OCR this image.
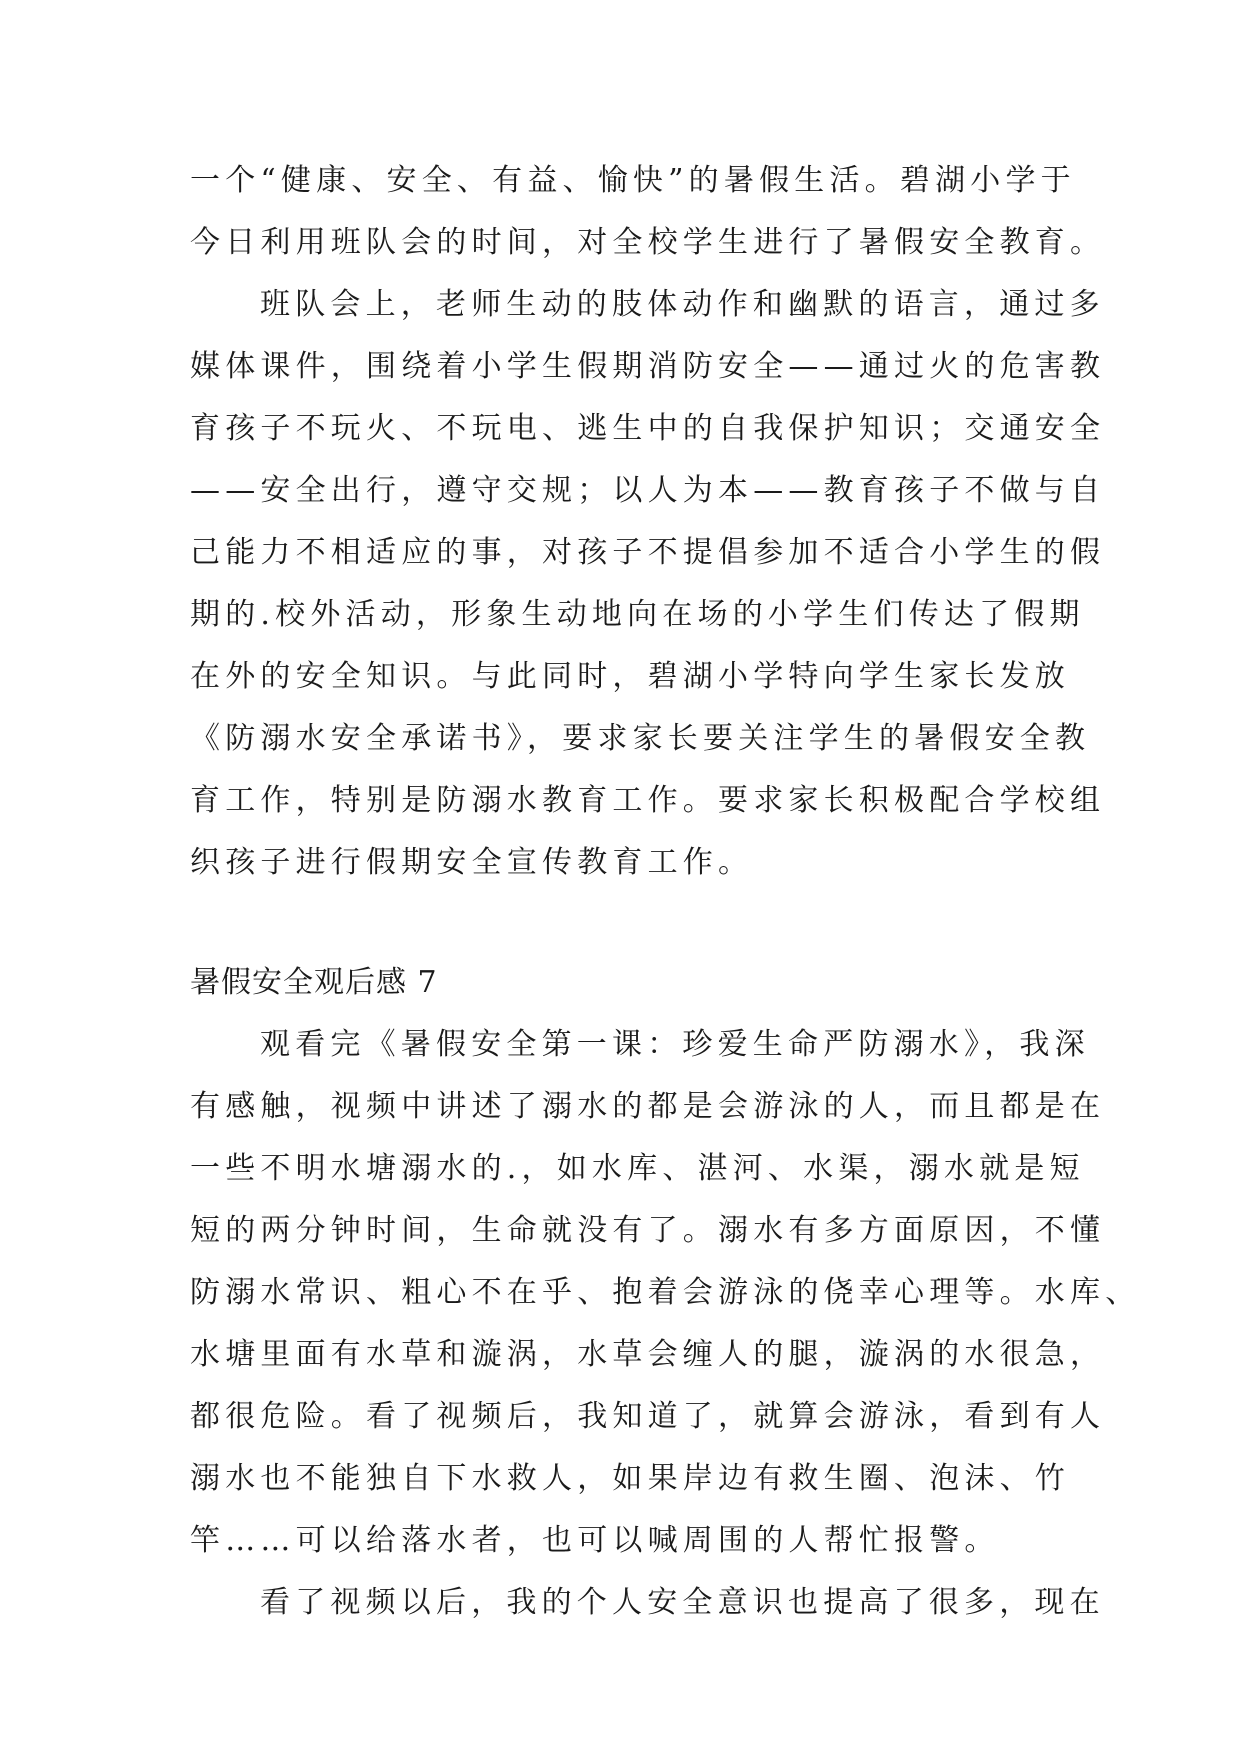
一个“健康、安全、有益、愉快”的暑假生活。碧湖小学于
今日利用班队会的时间，对全校学生进行了暑假安全教育。
班队会上，老师生动的肢体动作和幽默的语言，通过多
媒体课件，围绕着小学生假期消防安全——通过火的危害教
育孩子不玩火、不玩电、逃生中的自我保护知识；交通安全
——安全出行，遵守交规；以人为本——教育孩子不做与自
己能力不相适应的事，对孩子不提倡参加不适合小学生的假
期的.校外活动，形象生动地向在场的小学生们传达了假期
在外的安全知识。与此同时，碧湖小学特向学生家长发放
《防溺水安全承诺书》，要求家长要关注学生的暑假安全教
育工作，特别是防溺水教育工作。要求家长积极配合学校组
织孩子进行假期安全宣传教育工作。
暑假安全观后感 7
观看完《暑假安全第一课：珍爱生命严防溺水》，我深
有感触，视频中讲述了溺水的都是会游泳的人，而且都是在
一些不明水塘溺水的.，如水库、湛河、水渠，溺水就是短
短的两分钟时间，生命就没有了。溺水有多方面原因，不懂
防溺水常识、粗心不在乎、抱着会游泳的侥幸心理等。水库、
水塘里面有水草和漩涡，水草会缠人的腿，漩涡的水很急，
都很危险。看了视频后，我知道了，就算会游泳，看到有人
溺水也不能独自下水救人，如果岸边有救生圈、泡沫、竹
竿……可以给落水者，也可以喊周围的人帮忙报警。
看了视频以后，我的个人安全意识也提高了很多，现在
